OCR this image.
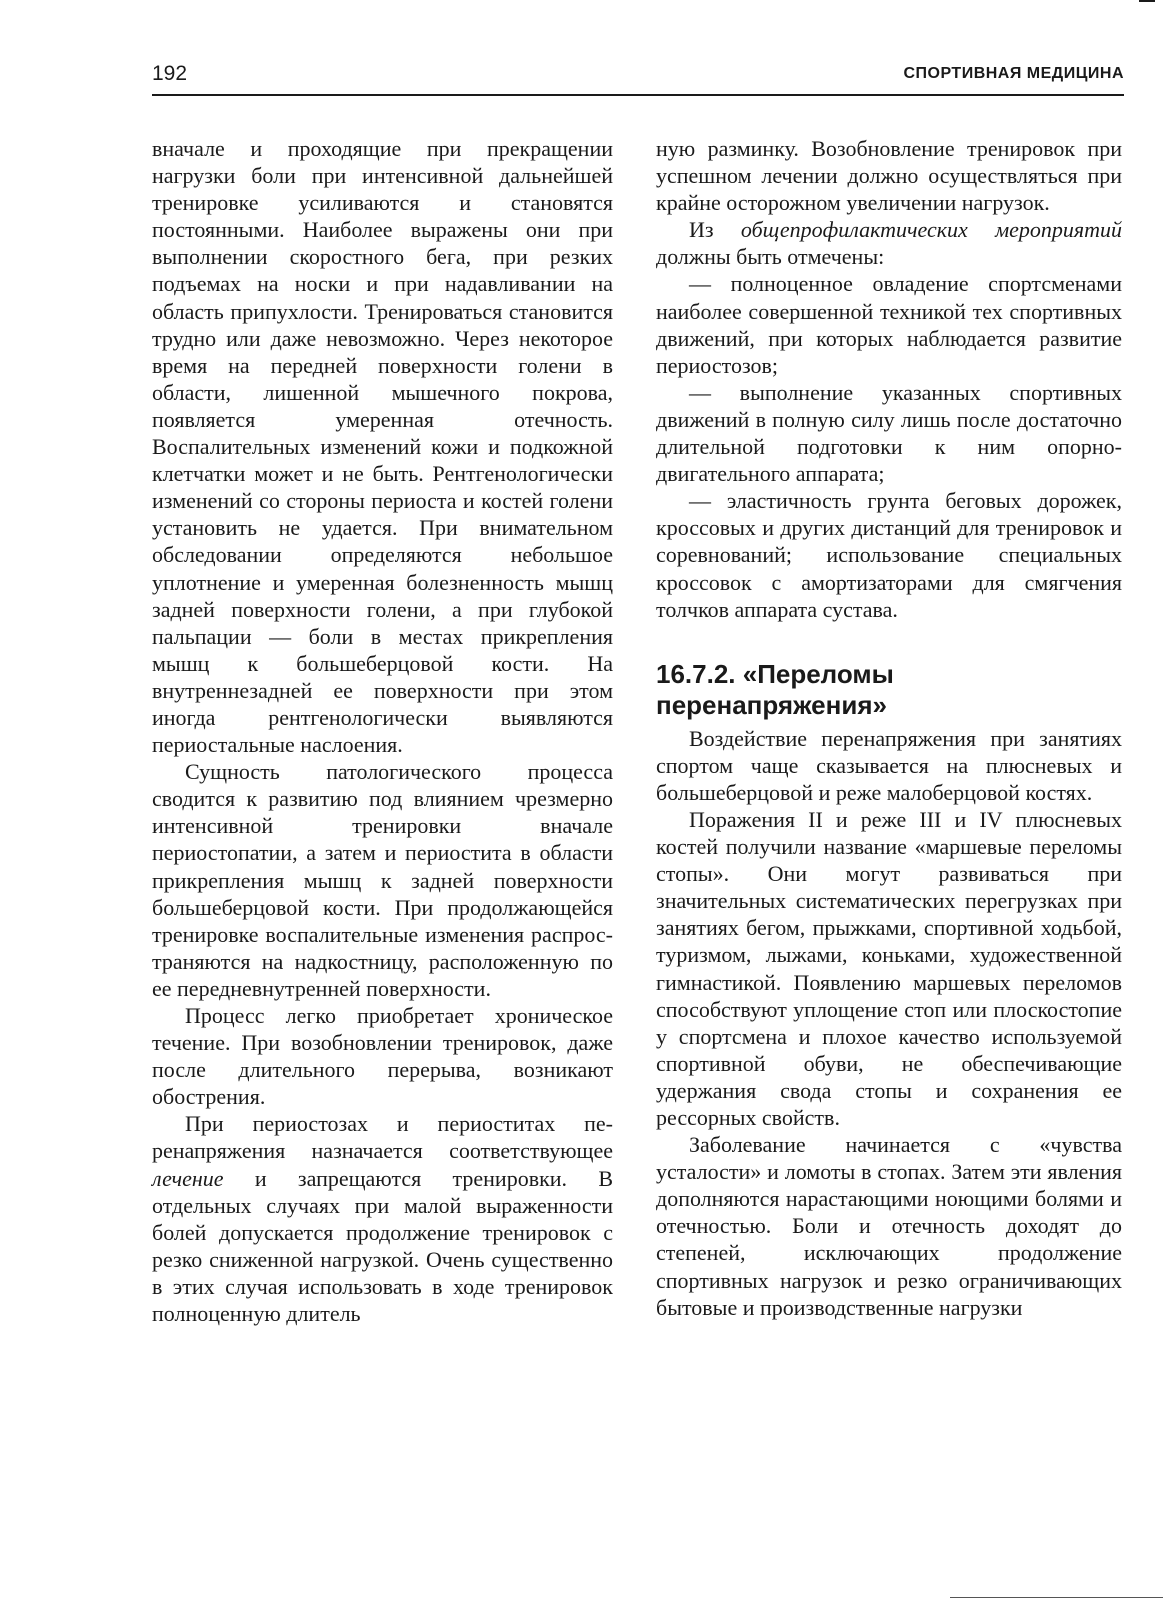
192	СПОРТИВНАЯ МЕДИЦИНА

вначале и проходящие при прекращении нагрузки боли при интенсивной дальнейшей тренировке усиливаются и становятся постоянными. Наиболее выражены они при выполнении скоростного бега, при резких подъемах на носки и при надавливании на область припухлости. Тренироваться становится трудно или даже невозможно. Через некоторое время на передней поверхности голени в области, лишенной мышечного покрова, появляется умеренная отечность. Воспалительных изменений кожи и подкожной клетчатки может и не быть. Рентгенологически изменений со стороны периоста и костей голени установить не удается. При внимательном обследовании определяются небольшое уплотнение и умеренная болезненность мышц задней поверхности голени, а при глубокой пальпации — боли в местах прикрепления мышц к большеберцовой кости. На внутреннезадней ее поверхности при этом иногда рентгенологически выявляются периостальные наслоения.

Сущность патологического процесса сводится к развитию под влиянием чрезмерно интенсивной тренировки вначале периостопатии, а затем и периостита в области прикрепления мышц к задней поверхности большеберцовой кости. При продолжающейся тренировке воспалительные изменения распространяются на надкостницу, расположенную по ее передневнутренней поверхности.

Процесс легко приобретает хроническое течение. При возобновлении тренировок, даже после длительного перерыва, возникают обострения.

При периостозах и периоститах перенапряжения назначается соответствующее лечение и запрещаются тренировки. В отдельных случаях при малой выраженности болей допускается продолжение тренировок с резко сниженной нагрузкой. Очень существенно в этих случая использовать в ходе тренировок полноценную длитель

ную разминку. Возобновление тренировок при успешном лечении должно осуществляться при крайне осторожном увеличении нагрузок.

Из общепрофилактических мероприятий должны быть отмечены:

— полноценное овладение спортсменами наиболее совершенной техникой тех спортивных движений, при которых наблюдается развитие периостозов;

— выполнение указанных спортивных движений в полную силу лишь после достаточно длительной подготовки к ним опорно-двигательного аппарата;

— эластичность грунта беговых дорожек, кроссовых и других дистанций для тренировок и соревнований; использование специальных кроссовок с амортизаторами для смягчения толчков аппарата сустава.

16.7.2. «Переломы перенапряжения»

Воздействие перенапряжения при занятиях спортом чаще сказывается на плюсневых и большеберцовой и реже малоберцовой костях.

Поражения II и реже III и IV плюсневых костей получили название «маршевые переломы стопы». Они могут развиваться при значительных систематических перегрузках при занятиях бегом, прыжками, спортивной ходьбой, туризмом, лыжами, коньками, художественной гимнастикой. Появлению маршевых переломов способствуют уплощение стоп или плоскостопие у спортсмена и плохое качество используемой спортивной обуви, не обеспечивающие удержания свода стопы и сохранения ее рессорных свойств.

Заболевание начинается с «чувства усталости» и ломоты в стопах. Затем эти явления дополняются нарастающими ноющими болями и отечностью. Боли и отечность доходят до степеней, исключающих продолжение спортивных нагрузок и резко ограничивающих бытовые и производственные нагрузки
